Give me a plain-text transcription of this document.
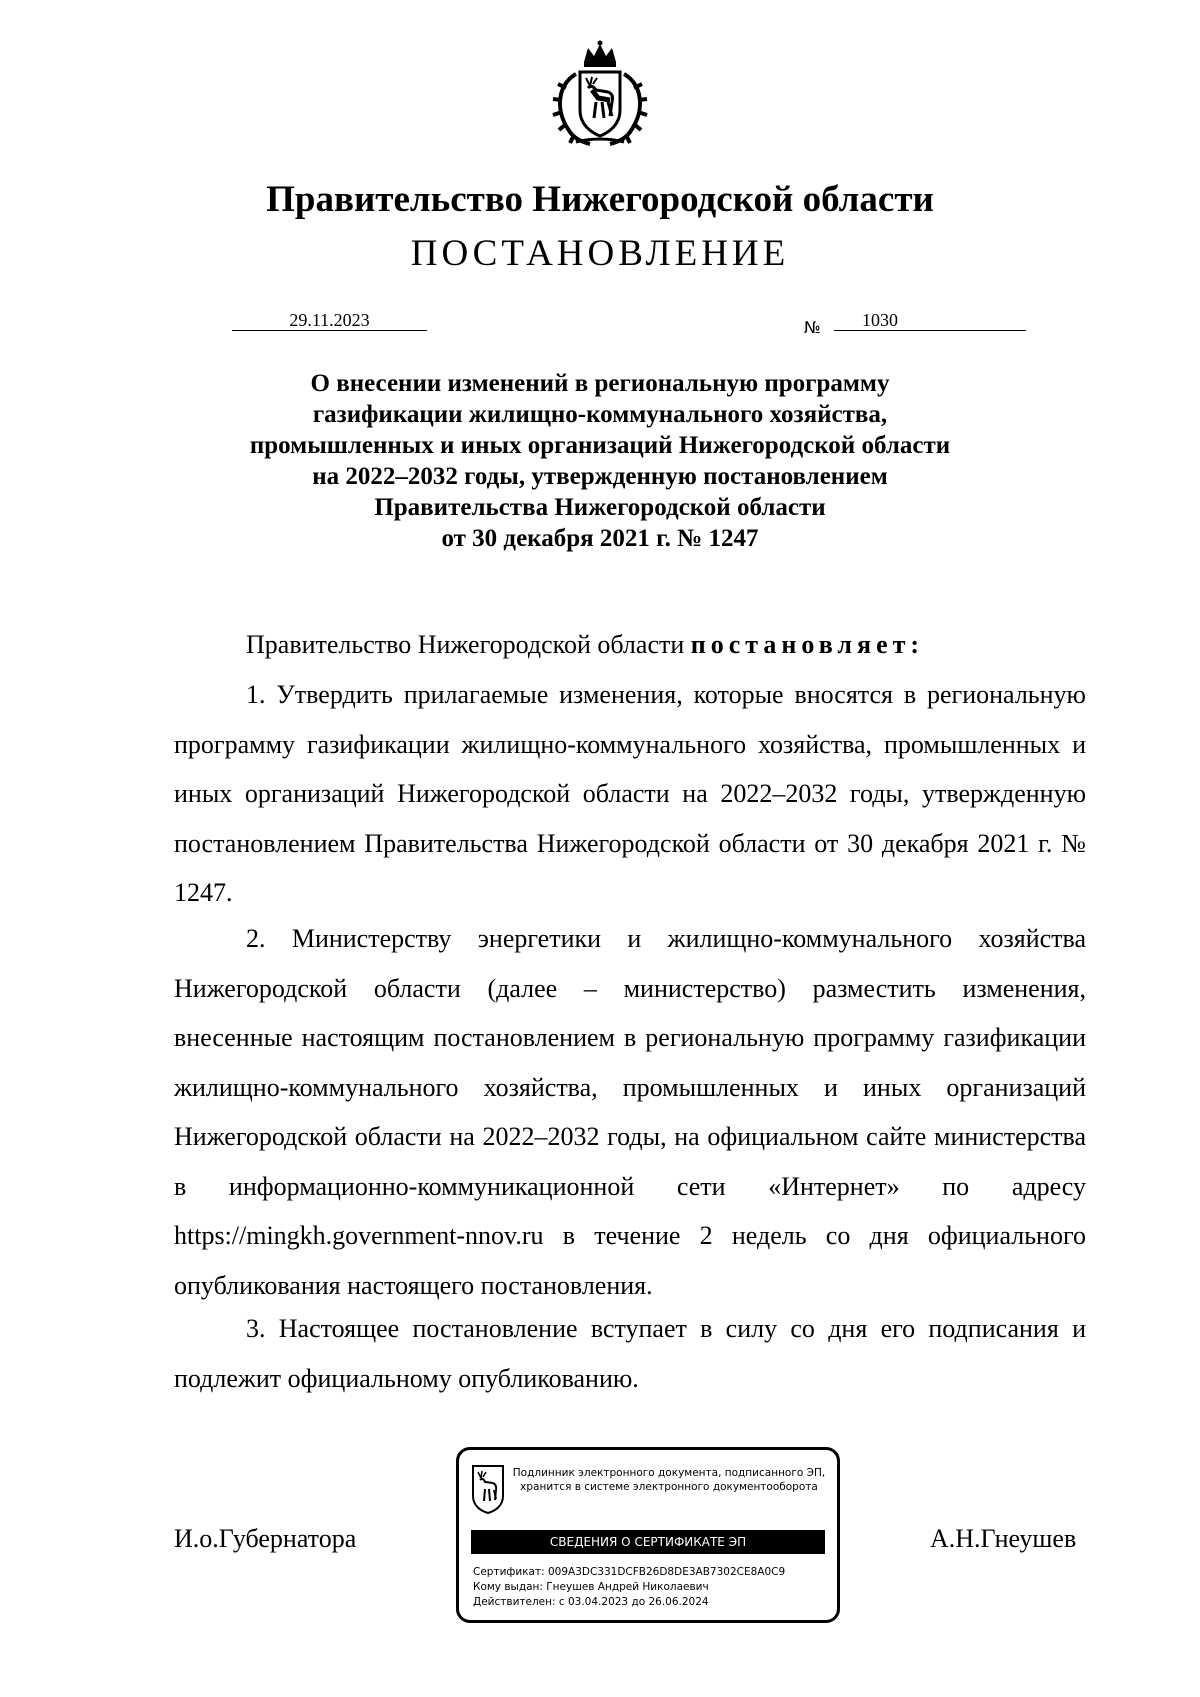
Правительство Нижегородской области
ПОСТАНОВЛЕНИЕ
29.11.2023	№	1030
О внесении изменений в региональную программу
газификации жилищно-коммунального хозяйства,
промышленных и иных организаций Нижегородской области
на 2022–2032 годы, утвержденную постановлением
Правительства Нижегородской области
от 30 декабря 2021 г. № 1247
Правительство Нижегородской области постановляет:

1. Утвердить прилагаемые изменения, которые вносятся в региональную программу газификации жилищно-коммунального хозяйства, промышленных и иных организаций Нижегородской области на 2022–2032 годы, утвержденную постановлением Правительства Нижегородской области от 30 декабря 2021 г. № 1247.

2. Министерству энергетики и жилищно-коммунального хозяйства Нижегородской области (далее – министерство) разместить изменения, внесенные настоящим постановлением в региональную программу газификации жилищно-коммунального хозяйства, промышленных и иных организаций Нижегородской области на 2022–2032 годы, на официальном сайте министерства в информационно-коммуникационной сети «Интернет» по адресу https://mingkh.government-nnov.ru в течение 2 недель со дня официального опубликования настоящего постановления.

3. Настоящее постановление вступает в силу со дня его подписания и подлежит официальному опубликованию.

И.о.Губернатора	А.Н.Гнеушев
Подлинник электронного документа, подписанного ЭП,
хранится в системе электронного документооборота
СВЕДЕНИЯ О СЕРТИФИКАТЕ ЭП
Сертификат: 009A3DC331DCFB26D8DE3AB7302CE8A0C9
Кому выдан: Гнеушев Андрей Николаевич
Действителен: с 03.04.2023 до 26.06.2024
